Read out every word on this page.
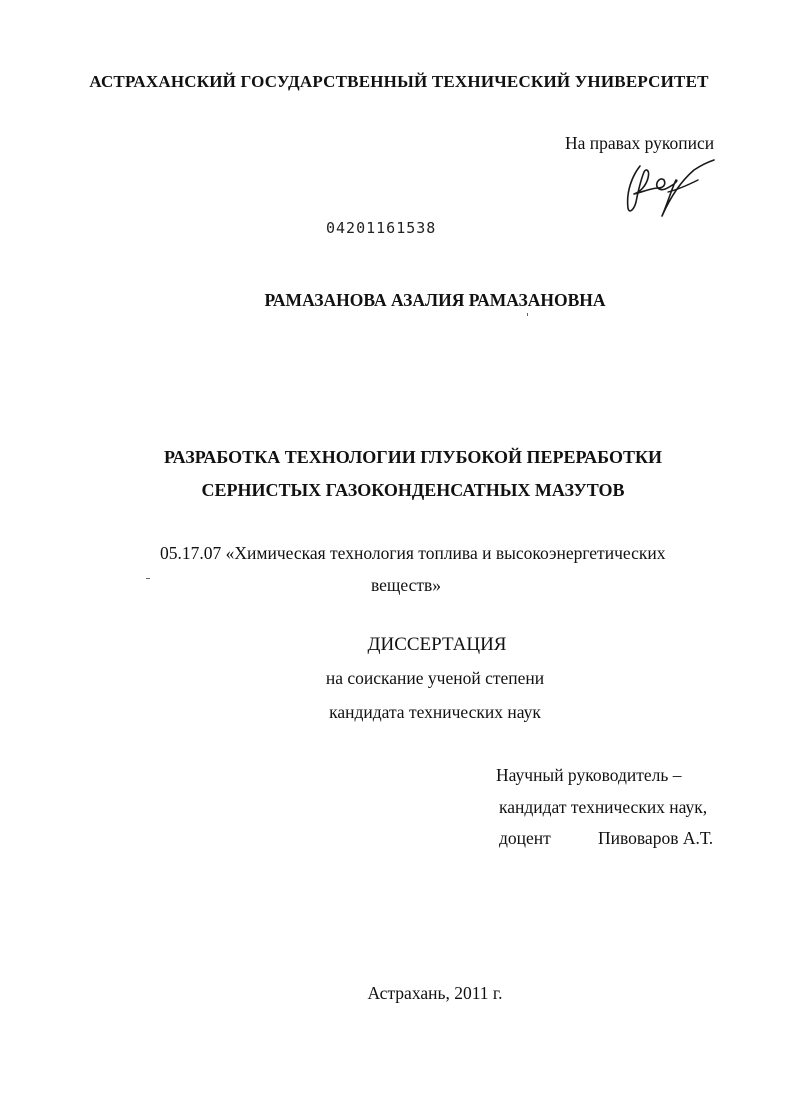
АСТРАХАНСКИЙ ГОСУДАРСТВЕННЫЙ ТЕХНИЧЕСКИЙ УНИВЕРСИТЕТ
На правах рукописи
04201161538
РАМАЗАНОВА АЗАЛИЯ РАМАЗАНОВНА
РАЗРАБОТКА ТЕХНОЛОГИИ ГЛУБОКОЙ ПЕРЕРАБОТКИ
СЕРНИСТЫХ ГАЗОКОНДЕНСАТНЫХ МАЗУТОВ
05.17.07 «Химическая технология топлива и высокоэнергетических
веществ»
ДИССЕРТАЦИЯ
на соискание ученой степени
кандидата технических наук
Научный руководитель –
кандидат технических наук,
доцент	Пивоваров А.Т.
Астрахань, 2011 г.
